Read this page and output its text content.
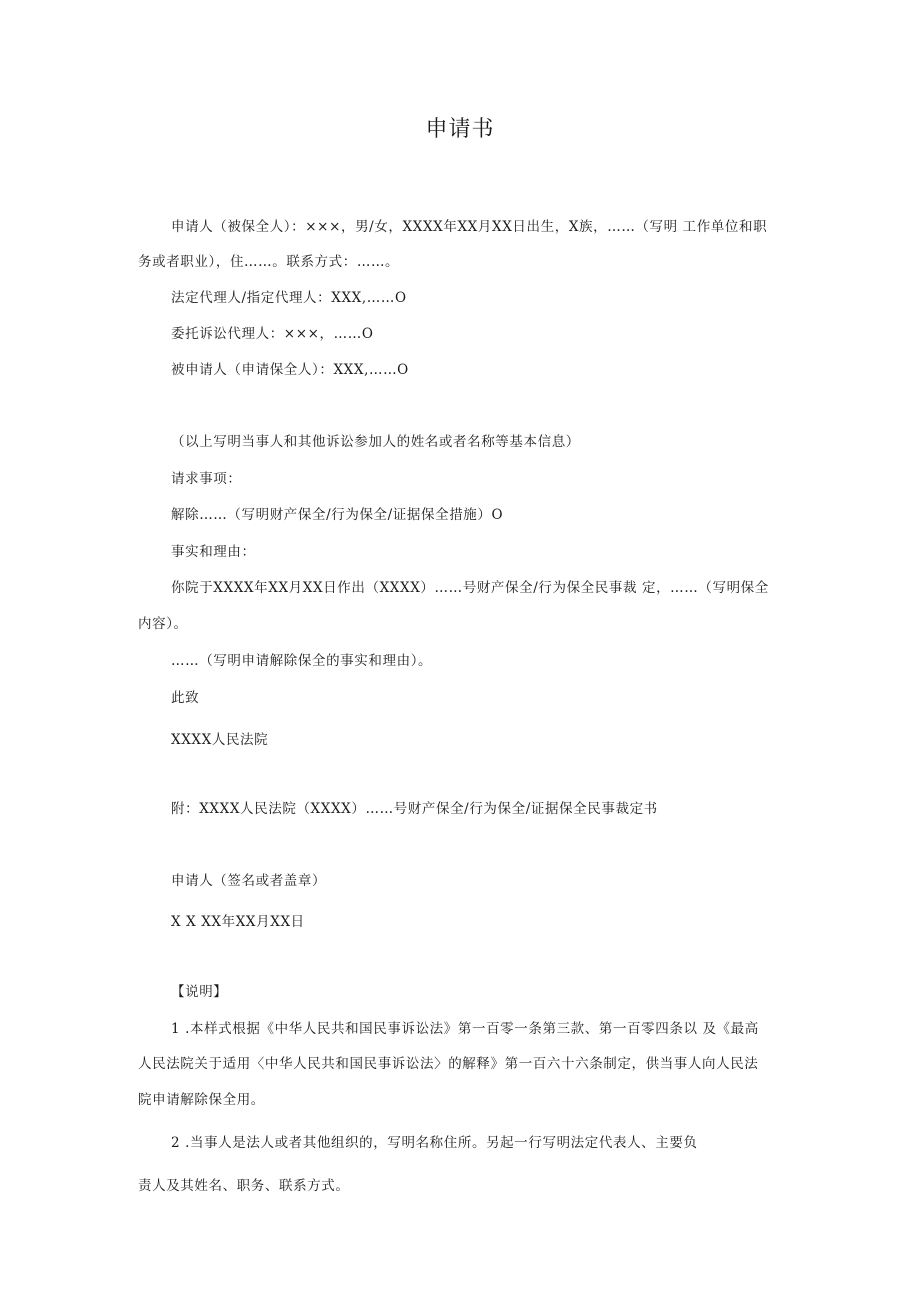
申请书
申请人（被保全人）：×××，男/女，XXXX年XX月XX日出生，X族，……（写明 工作单位和职
务或者职业），住……。联系方式：……。
法定代理人/指定代理人：XXX,……O
委托诉讼代理人：×××，……O
被申请人（申请保全人）：XXX,……O
（以上写明当事人和其他诉讼参加人的姓名或者名称等基本信息）
请求事项：
解除……（写明财产保全/行为保全/证据保全措施）O
事实和理由：
你院于XXXX年XX月XX日作出（XXXX）……号财产保全/行为保全民事裁 定，……（写明保全
内容）。
……（写明申请解除保全的事实和理由）。
此致
XXXX人民法院
附：XXXX人民法院（XXXX）……号财产保全/行为保全/证据保全民事裁定书
申请人（签名或者盖章）
X X XX年XX月XX日
【说明】
1 .本样式根据《中华人民共和国民事诉讼法》第一百零一条第三款、第一百零四条以 及《最高
人民法院关于适用〈中华人民共和国民事诉讼法〉的解释》第一百六十六条制定，供当事人向人民法
院申请解除保全用。
2 .当事人是法人或者其他组织的，写明名称住所。另起一行写明法定代表人、主要负
责人及其姓名、职务、联系方式。
